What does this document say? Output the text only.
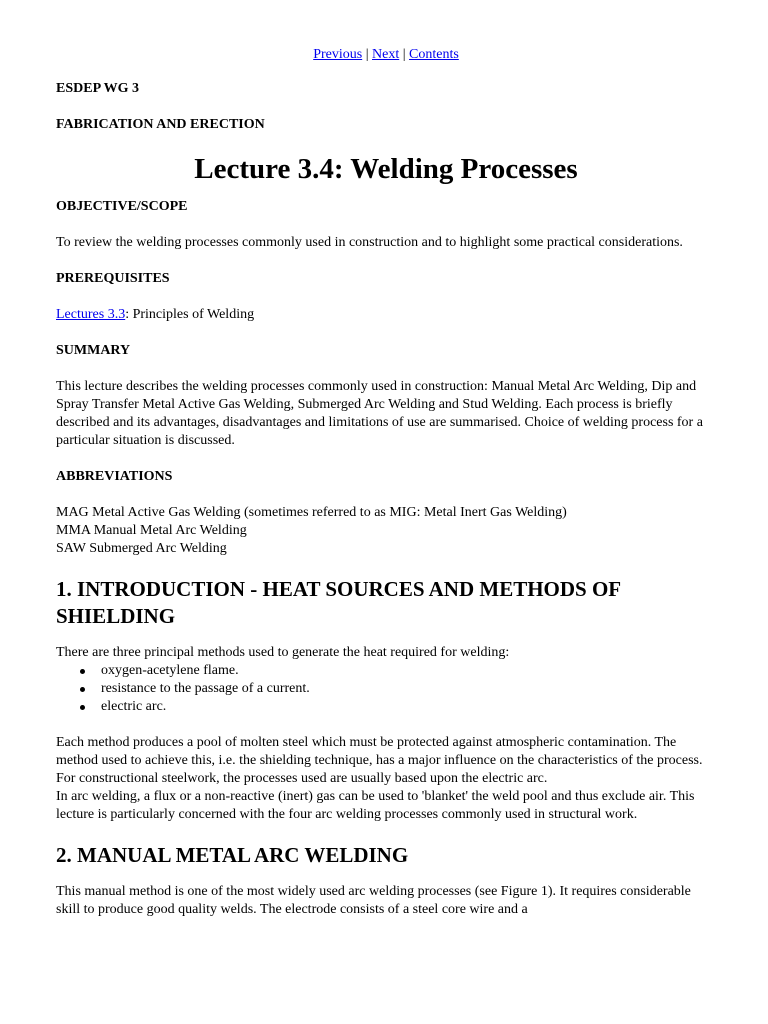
Previous | Next | Contents
ESDEP WG 3
FABRICATION AND ERECTION
Lecture 3.4: Welding Processes
OBJECTIVE/SCOPE

To review the welding processes commonly used in construction and to highlight some practical considerations.

PREREQUISITES

Lectures 3.3: Principles of Welding

SUMMARY

This lecture describes the welding processes commonly used in construction: Manual Metal Arc Welding, Dip and Spray Transfer Metal Active Gas Welding, Submerged Arc Welding and Stud Welding. Each process is briefly described and its advantages, disadvantages and limitations of use are summarised. Choice of welding process for a particular situation is discussed.

ABBREVIATIONS
MAG Metal Active Gas Welding (sometimes referred to as MIG: Metal Inert Gas Welding)
MMA Manual Metal Arc Welding
SAW Submerged Arc Welding
1. INTRODUCTION - HEAT SOURCES AND METHODS OF SHIELDING
There are three principal methods used to generate the heat required for welding:
oxygen-acetylene flame.
resistance to the passage of a current.
electric arc.

Each method produces a pool of molten steel which must be protected against atmospheric contamination. The method used to achieve this, i.e. the shielding technique, has a major influence on the characteristics of the process. For constructional steelwork, the processes used are usually based upon the electric arc.
In arc welding, a flux or a non-reactive (inert) gas can be used to 'blanket' the weld pool and thus exclude air. This lecture is particularly concerned with the four arc welding processes commonly used in structural work.

2. MANUAL METAL ARC WELDING

This manual method is one of the most widely used arc welding processes (see Figure 1). It requires considerable skill to produce good quality welds. The electrode consists of a steel core wire and a
